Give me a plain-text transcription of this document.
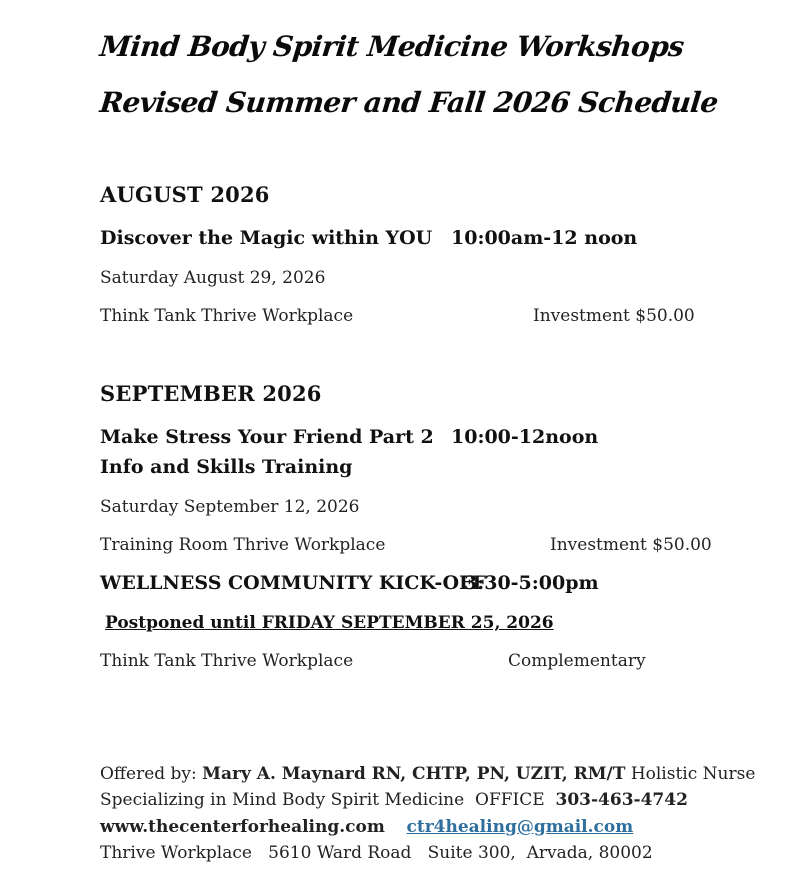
Mind Body Spirit Medicine Workshops
Revised Summer and Fall 2026 Schedule
AUGUST 2026
Discover the Magic within YOU 10:00am-12 noon
Saturday August 29, 2026
Think Tank Thrive Workplace	Investment $50.00
SEPTEMBER 2026
Make Stress Your Friend Part 2 10:00-12noon
Info and Skills Training
Saturday September 12, 2026
Training Room Thrive Workplace	Investment $50.00
WELLNESS COMMUNITY KICK-OFF
3:30-5:00pm
Postponed until FRIDAY SEPTEMBER 25, 2026
Think Tank Thrive Workplace	Complementary
Offered by: Mary A. Maynard RN, CHTP, PN, UZIT, RM/T Holistic Nurse
Specializing in Mind Body Spirit Medicine OFFICE 303-463-4742
www.thecenterforhealing.com ctr4healing@gmail.com
Thrive Workplace 5610 Ward Road Suite 300, Arvada, 80002
